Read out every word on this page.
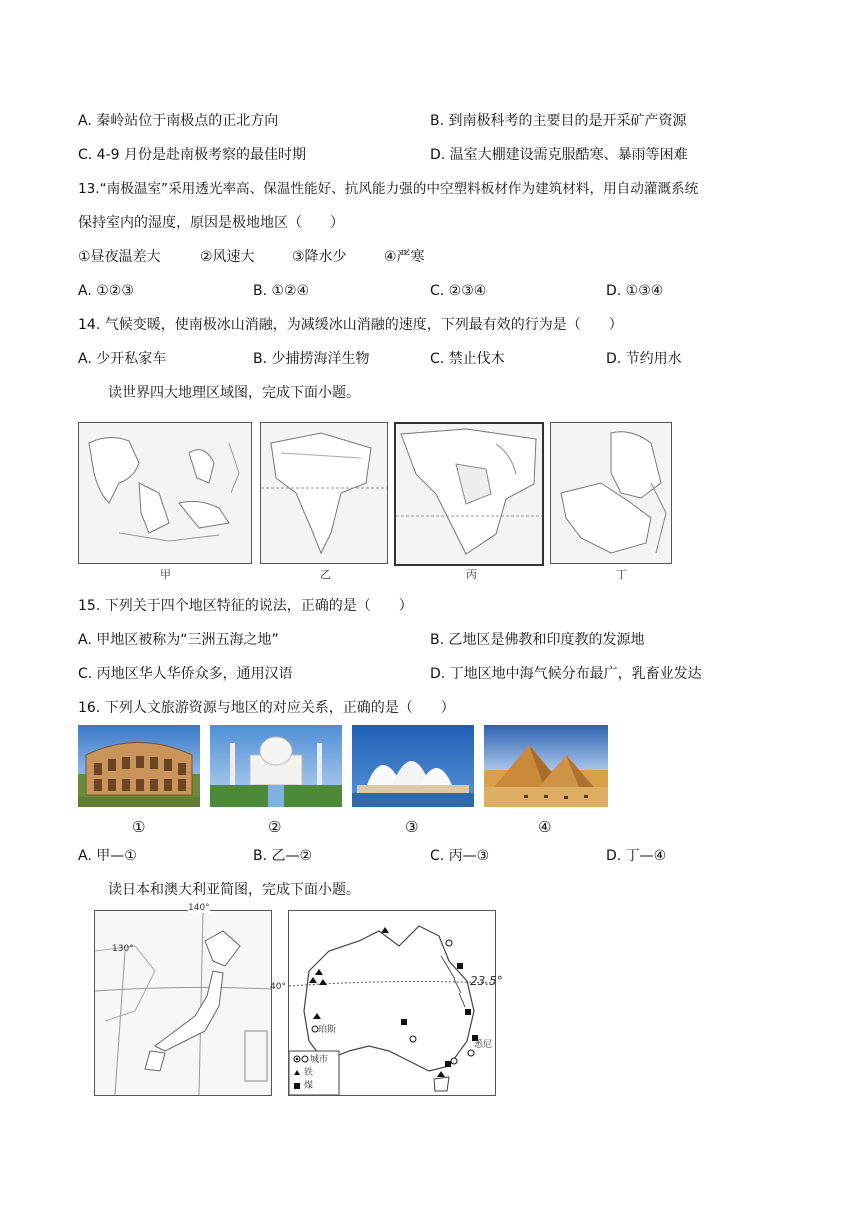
A. 秦岭站位于南极点的正北方向	B. 到南极科考的主要目的是开采矿产资源
C. 4-9 月份是赴南极考察的最佳时期	D. 温室大棚建设需克服酷寒、暴雨等困难
13.“南极温室”采用透光率高、保温性能好、抗风能力强的中空塑料板材作为建筑材料，用自动灌溉系统
保持室内的湿度，原因是极地地区（　　）
①昼夜温差大	②风速大	③降水少	④严寒
A. ①②③	B. ①②④	C. ②③④	D. ①③④
14. 气候变暖，使南极冰山消融，为减缓冰山消融的速度，下列最有效的行为是（　　）
A. 少开私家车	B. 少捕捞海洋生物	C. 禁止伐木	D. 节约用水
读世界四大地理区域图，完成下面小题。
甲	乙	丙	丁
15. 下列关于四个地区特征的说法，正确的是（　　）
A. 甲地区被称为“三洲五海之地”	B. 乙地区是佛教和印度教的发源地
C. 丙地区华人华侨众多，通用汉语	D. 丁地区地中海气候分布最广，乳畜业发达
16. 下列人文旅游资源与地区的对应关系，正确的是（　　）
①	②	③	④
A. 甲—①	B. 乙—②	C. 丙—③	D. 丁—④
读日本和澳大利亚简图，完成下面小题。
140°
130°
40°	23.5°
珀斯
悉尼
城市
铁
煤
